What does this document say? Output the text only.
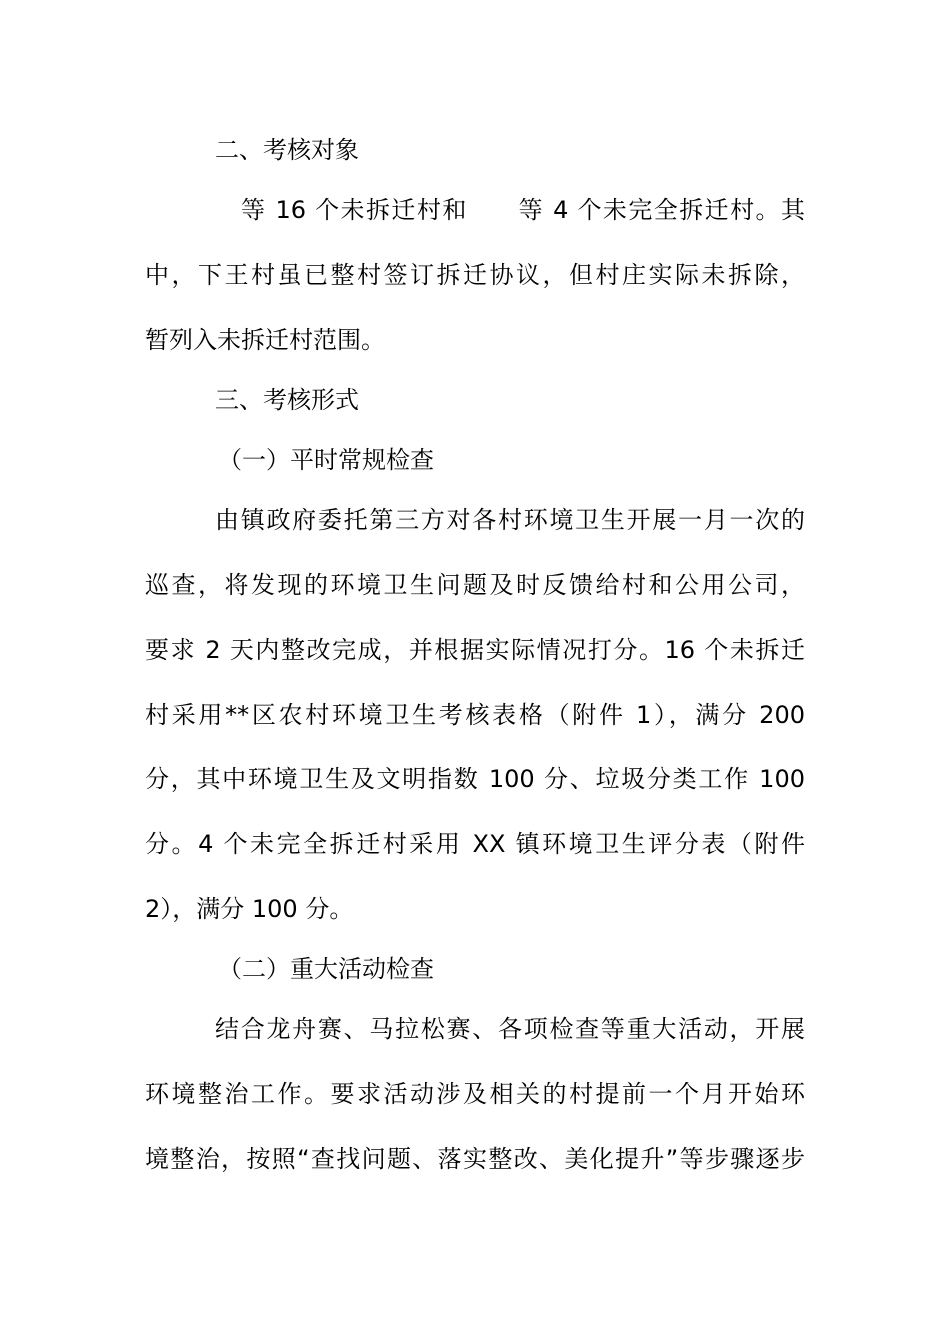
二、考核对象
等 16 个未拆迁村和　　等 4 个未完全拆迁村。其
中，下王村虽已整村签订拆迁协议，但村庄实际未拆除，
暂列入未拆迁村范围。
三、考核形式
（一）平时常规检查
由镇政府委托第三方对各村环境卫生开展一月一次的
巡查，将发现的环境卫生问题及时反馈给村和公用公司，
要求 2 天内整改完成，并根据实际情况打分。16 个未拆迁
村采用**区农村环境卫生考核表格（附件 1），满分 200
分，其中环境卫生及文明指数 100 分、垃圾分类工作 100
分。4 个未完全拆迁村采用 XX 镇环境卫生评分表（附件
2），满分 100 分。
（二）重大活动检查
结合龙舟赛、马拉松赛、各项检查等重大活动，开展
环境整治工作。要求活动涉及相关的村提前一个月开始环
境整治，按照“查找问题、落实整改、美化提升”等步骤逐步
